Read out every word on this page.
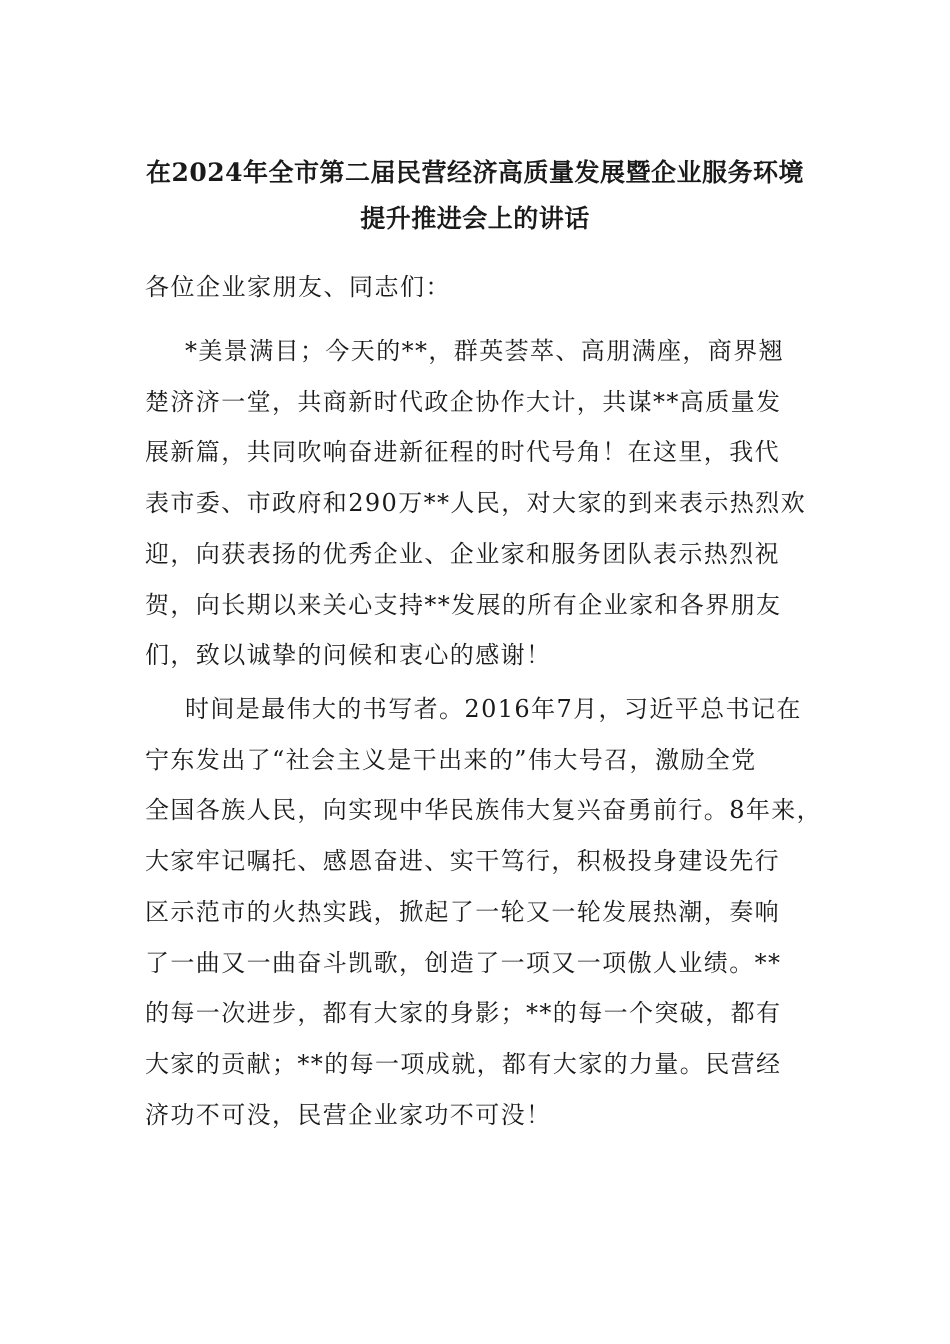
在2024年全市第二届民营经济高质量发展暨企业服务环境
提升推进会上的讲话
各位企业家朋友、同志们：
*美景满目；今天的**，群英荟萃、高朋满座，商界翘
楚济济一堂，共商新时代政企协作大计，共谋**高质量发
展新篇，共同吹响奋进新征程的时代号角！在这里，我代
表市委、市政府和290万**人民，对大家的到来表示热烈欢
迎，向获表扬的优秀企业、企业家和服务团队表示热烈祝
贺，向长期以来关心支持**发展的所有企业家和各界朋友
们，致以诚挚的问候和衷心的感谢！
时间是最伟大的书写者。2016年7月，习近平总书记在
宁东发出了“社会主义是干出来的”伟大号召，激励全党
全国各族人民，向实现中华民族伟大复兴奋勇前行。8年来，
大家牢记嘱托、感恩奋进、实干笃行，积极投身建设先行
区示范市的火热实践，掀起了一轮又一轮发展热潮，奏响
了一曲又一曲奋斗凯歌，创造了一项又一项傲人业绩。**
的每一次进步，都有大家的身影；**的每一个突破，都有
大家的贡献；**的每一项成就，都有大家的力量。民营经
济功不可没，民营企业家功不可没！
